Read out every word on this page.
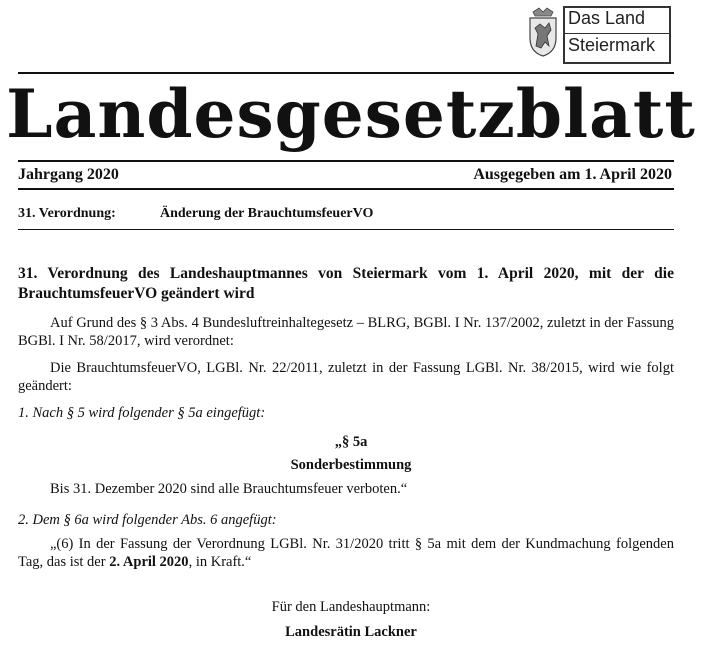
Das Land
Steiermark
Landesgesetzblatt
Jahrgang 2020	Ausgegeben am 1. April 2020
31. Verordnung:	Änderung der BrauchtumsfeuerVO
31. Verordnung des Landeshauptmannes von Steiermark vom 1. April 2020, mit der die BrauchtumsfeuerVO geändert wird
Auf Grund des § 3 Abs. 4 Bundesluftreinhaltegesetz – BLRG, BGBl. I Nr. 137/2002, zuletzt in der Fassung BGBl. I Nr. 58/2017, wird verordnet:
Die BrauchtumsfeuerVO, LGBl. Nr. 22/2011, zuletzt in der Fassung LGBl. Nr. 38/2015, wird wie folgt geändert:
1. Nach § 5 wird folgender § 5a eingefügt:
„§ 5a
Sonderbestimmung
Bis 31. Dezember 2020 sind alle Brauchtumsfeuer verboten.“
2. Dem § 6a wird folgender Abs. 6 angefügt:
„(6) In der Fassung der Verordnung LGBl. Nr. 31/2020 tritt § 5a mit dem der Kundmachung folgenden Tag, das ist der 2. April 2020, in Kraft.“
Für den Landeshauptmann:
Landesrätin Lackner
